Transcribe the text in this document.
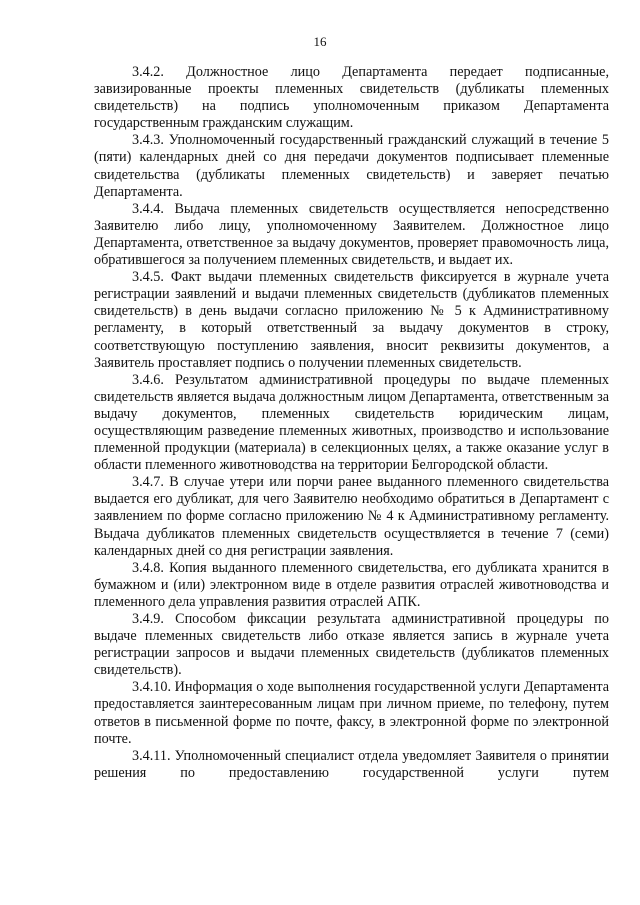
16

3.4.2. Должностное лицо Департамента передает подписанные, завизированные проекты племенных свидетельств (дубликаты племенных свидетельств) на подпись уполномоченным приказом Департамента государственным гражданским служащим.

3.4.3. Уполномоченный государственный гражданский служащий в течение 5 (пяти) календарных дней со дня передачи документов подписывает племенные свидетельства (дубликаты племенных свидетельств) и заверяет печатью Департамента.

3.4.4. Выдача племенных свидетельств осуществляется непосредственно Заявителю либо лицу, уполномоченному Заявителем. Должностное лицо Департамента, ответственное за выдачу документов, проверяет правомочность лица, обратившегося за получением племенных свидетельств, и выдает их.

3.4.5. Факт выдачи племенных свидетельств фиксируется в журнале учета регистрации заявлений и выдачи племенных свидетельств (дубликатов племенных свидетельств) в день выдачи согласно приложению № 5 к Административному регламенту, в который ответственный за выдачу документов в строку, соответствующую поступлению заявления, вносит реквизиты документов, а Заявитель проставляет подпись о получении племенных свидетельств.

3.4.6. Результатом административной процедуры по выдаче племенных свидетельств является выдача должностным лицом Департамента, ответственным за выдачу документов, племенных свидетельств юридическим лицам, осуществляющим разведение племенных животных, производство и использование племенной продукции (материала) в селекционных целях, а также оказание услуг в области племенного животноводства на территории Белгородской области.

3.4.7. В случае утери или порчи ранее выданного племенного свидетельства выдается его дубликат, для чего Заявителю необходимо обратиться в Департамент с заявлением по форме согласно приложению № 4 к Административному регламенту. Выдача дубликатов племенных свидетельств осуществляется в течение 7 (семи) календарных дней со дня регистрации заявления.

3.4.8. Копия выданного племенного свидетельства, его дубликата хранится в бумажном и (или) электронном виде в отделе развития отраслей животноводства и племенного дела управления развития отраслей АПК.

3.4.9. Способом фиксации результата административной процедуры по выдаче племенных свидетельств либо отказе является запись в журнале учета регистрации запросов и выдачи племенных свидетельств (дубликатов племенных свидетельств).

3.4.10. Информация о ходе выполнения государственной услуги Департамента предоставляется заинтересованным лицам при личном приеме, по телефону, путем ответов в письменной форме по почте, факсу, в электронной форме по электронной почте.

3.4.11. Уполномоченный специалист отдела уведомляет Заявителя о принятии решения по предоставлению государственной услуги путем
